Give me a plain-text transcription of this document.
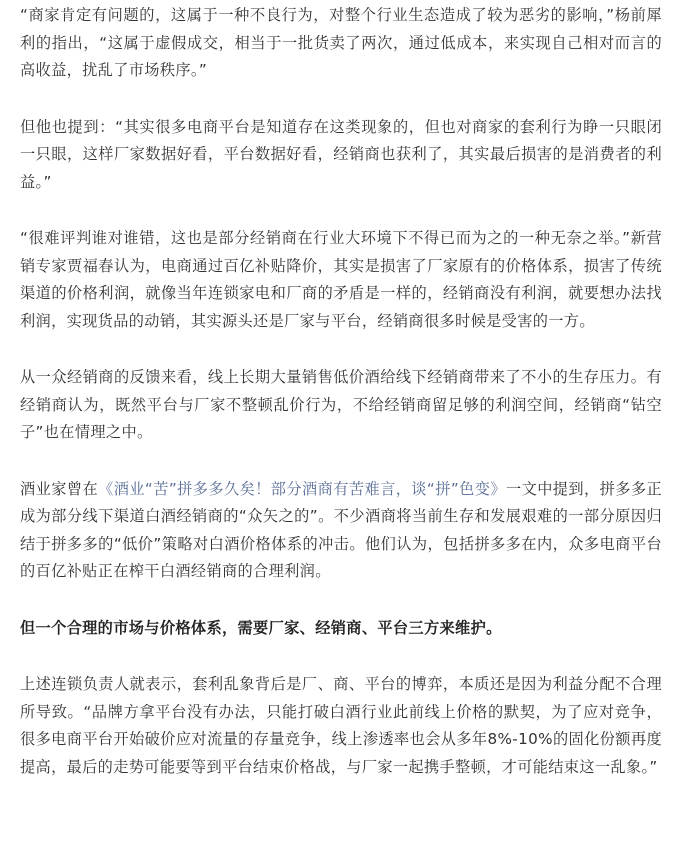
“商家肯定有问题的，这属于一种不良行为，对整个行业生态造成了较为恶劣的影响，”杨前犀利的指出，“这属于虚假成交，相当于一批货卖了两次，通过低成本，来实现自己相对而言的高收益，扰乱了市场秩序。”

但他也提到：“其实很多电商平台是知道存在这类现象的，但也对商家的套利行为睁一只眼闭一只眼，这样厂家数据好看，平台数据好看，经销商也获利了，其实最后损害的是消费者的利益。”

“很难评判谁对谁错，这也是部分经销商在行业大环境下不得已而为之的一种无奈之举。”新营销专家贾福春认为，电商通过百亿补贴降价，其实是损害了厂家原有的价格体系，损害了传统渠道的价格利润，就像当年连锁家电和厂商的矛盾是一样的，经销商没有利润，就要想办法找利润，实现货品的动销，其实源头还是厂家与平台，经销商很多时候是受害的一方。

从一众经销商的反馈来看，线上长期大量销售低价酒给线下经销商带来了不小的生存压力。有经销商认为，既然平台与厂家不整顿乱价行为，不给经销商留足够的利润空间，经销商“钻空子”也在情理之中。

酒业家曾在《酒业“苦”拼多多久矣！部分酒商有苦难言，谈“拼”色变》一文中提到，拼多多正成为部分线下渠道白酒经销商的“众矢之的”。不少酒商将当前生存和发展艰难的一部分原因归结于拼多多的“低价”策略对白酒价格体系的冲击。他们认为，包括拼多多在内，众多电商平台的百亿补贴正在榨干白酒经销商的合理利润。

但一个合理的市场与价格体系，需要厂家、经销商、平台三方来维护。

上述连锁负责人就表示，套利乱象背后是厂、商、平台的博弈，本质还是因为利益分配不合理所导致。“品牌方拿平台没有办法，只能打破白酒行业此前线上价格的默契，为了应对竞争，很多电商平台开始破价应对流量的存量竞争，线上渗透率也会从多年8%-10%的固化份额再度提高，最后的走势可能要等到平台结束价格战，与厂家一起携手整顿，才可能结束这一乱象。”
